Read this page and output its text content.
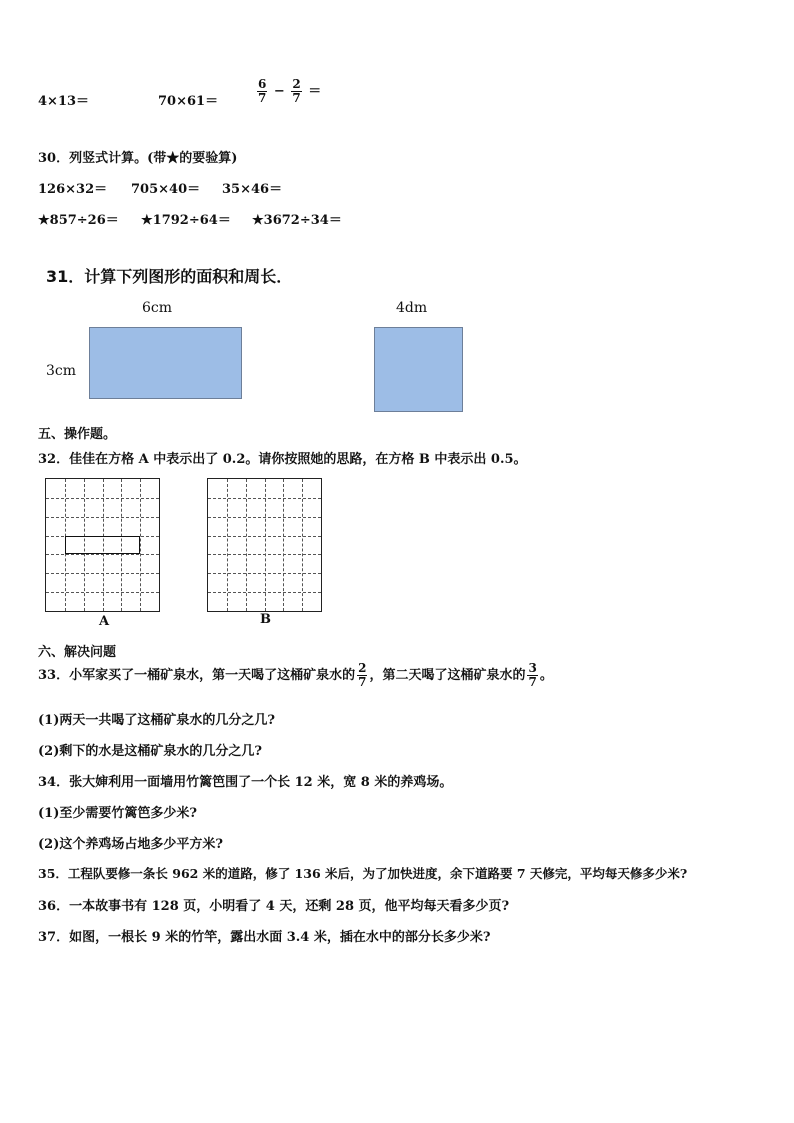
4×13＝	70×61＝	$\frac{6}{7} - \frac{2}{7}$ ＝
30．列竖式计算。(带★的要验算)
126×32＝ 705×40＝ 35×46＝
★857÷26＝ ★1792÷64＝ ★3672÷34＝
31．计算下列图形的面积和周长．
6cm
3cm
4dm
五、操作题。
32．佳佳在方格 A 中表示出了 0.2。请你按照她的思路，在方格 B 中表示出 0.5。
A	B
六、解决问题
33．小军家买了一桶矿泉水，第一天喝了这桶矿泉水的 $\frac{2}{7}$ ，第二天喝了这桶矿泉水的 $\frac{3}{7}$ 。
(1)两天一共喝了这桶矿泉水的几分之几?
(2)剩下的水是这桶矿泉水的几分之几?
34．张大婶利用一面墙用竹篱笆围了一个长 12 米，宽 8 米的养鸡场。
(1)至少需要竹篱笆多少米?
(2)这个养鸡场占地多少平方米?
35．工程队要修一条长 962 米的道路，修了 136 米后，为了加快进度，余下道路要 7 天修完，平均每天修多少米?
36．一本故事书有 128 页，小明看了 4 天，还剩 28 页，他平均每天看多少页?
37．如图，一根长 9 米的竹竿，露出水面 3.4 米，插在水中的部分长多少米?
